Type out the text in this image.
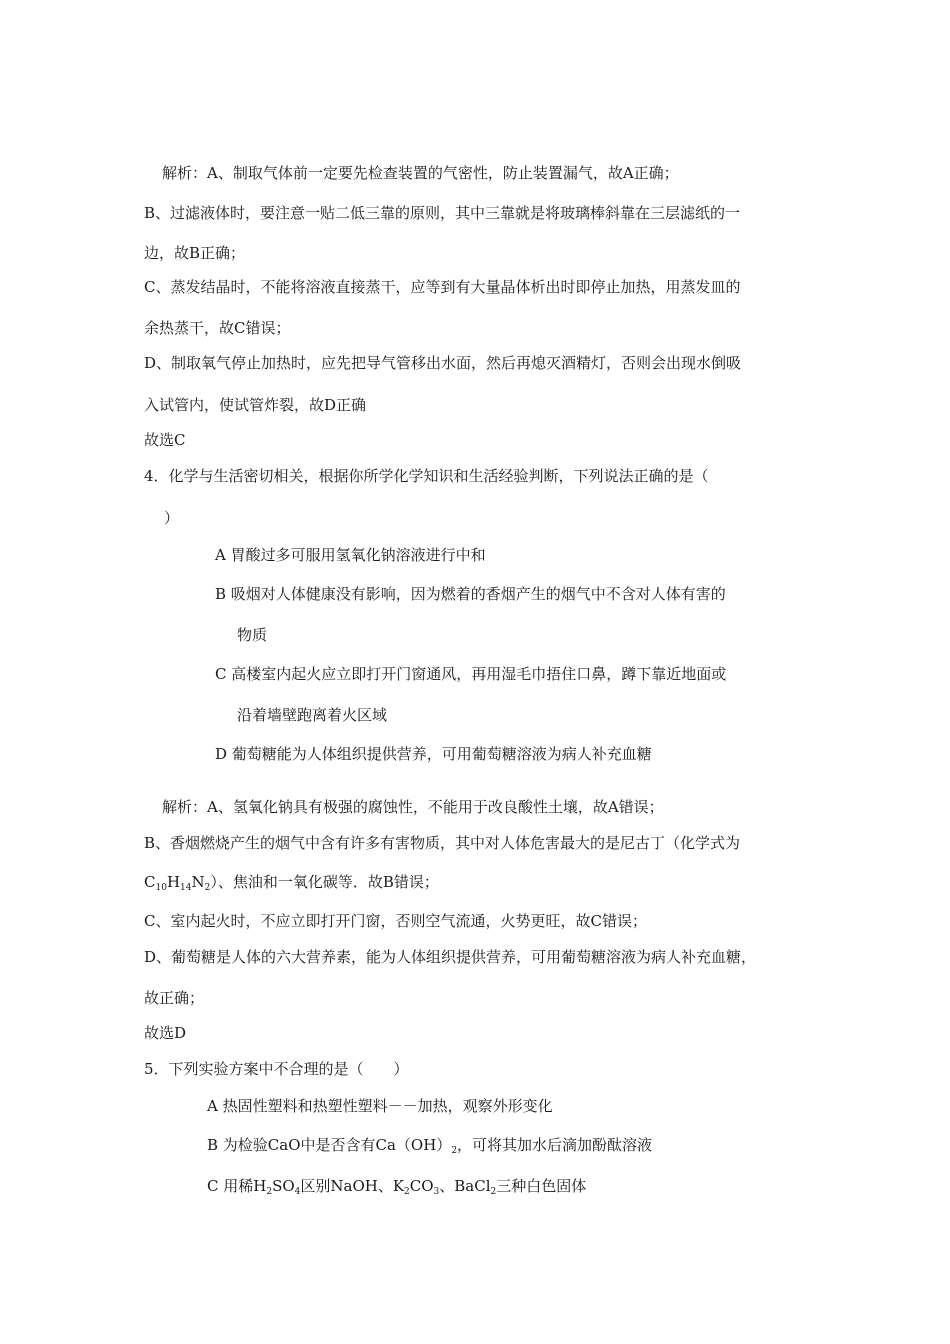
解析：A、制取气体前一定要先检查装置的气密性，防止装置漏气，故A正确；
B、过滤液体时，要注意一贴二低三靠的原则，其中三靠就是将玻璃棒斜靠在三层滤纸的一
边，故B正确；
C、蒸发结晶时，不能将溶液直接蒸干，应等到有大量晶体析出时即停止加热，用蒸发皿的
余热蒸干，故C错误；
D、制取氧气停止加热时，应先把导气管移出水面，然后再熄灭酒精灯，否则会出现水倒吸
入试管内，使试管炸裂，故D正确
故选C
4．化学与生活密切相关，根据你所学化学知识和生活经验判断，下列说法正确的是（
）
A 胃酸过多可服用氢氧化钠溶液进行中和
B 吸烟对人体健康没有影响，因为燃着的香烟产生的烟气中不含对人体有害的
物质
C 高楼室内起火应立即打开门窗通风，再用湿毛巾捂住口鼻，蹲下靠近地面或
沿着墙壁跑离着火区域
D 葡萄糖能为人体组织提供营养，可用葡萄糖溶液为病人补充血糖
解析：A、氢氧化钠具有极强的腐蚀性，不能用于改良酸性土壤，故A错误；
B、香烟燃烧产生的烟气中含有许多有害物质，其中对人体危害最大的是尼古丁（化学式为
$C_{10}H_{14}N_2$）、焦油和一氧化碳等．故B错误；
C、室内起火时，不应立即打开门窗，否则空气流通，火势更旺，故C错误；
D、葡萄糖是人体的六大营养素，能为人体组织提供营养，可用葡萄糖溶液为病人补充血糖，
故正确；
故选D
5．下列实验方案中不合理的是（　　）
A 热固性塑料和热塑性塑料－－加热，观察外形变化
B 为检验CaO中是否含有$Ca(OH)_2$，可将其加水后滴加酚酞溶液
C 用稀$H_2SO_4$区别NaOH、$K_2CO_3$、BaCl$_2$三种白色固体
